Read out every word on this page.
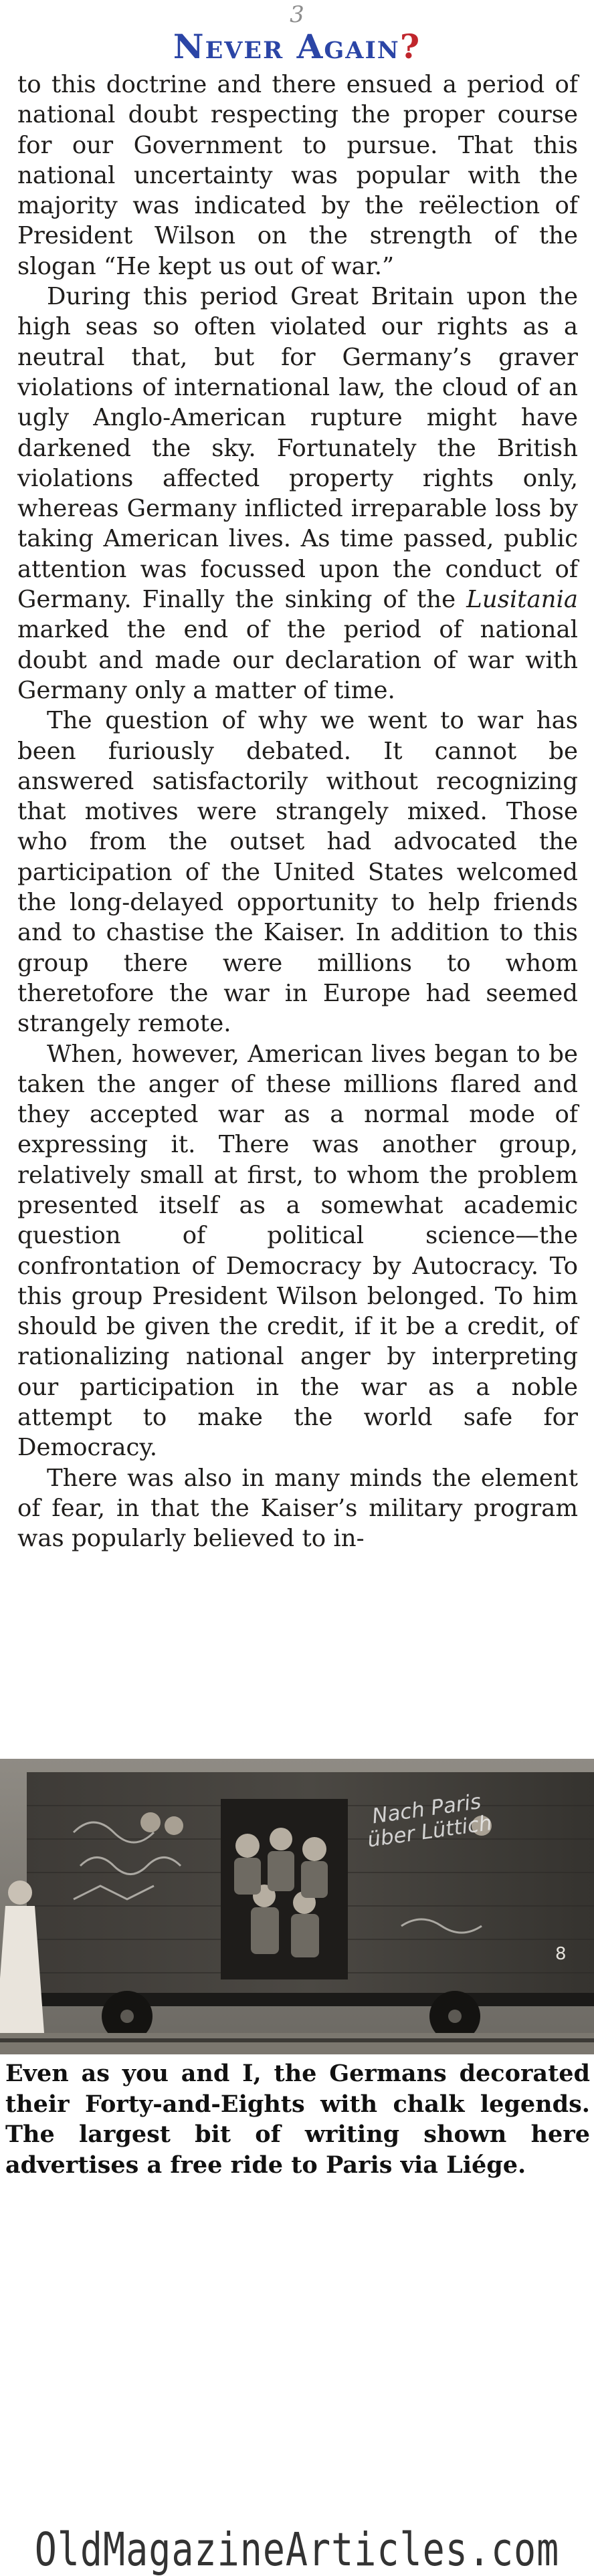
3
Never Again?

to this doctrine and there ensued a period of national doubt respecting the proper course for our Government to pursue. That this national uncertainty was popular with the majority was indicated by the reëlection of President Wilson on the strength of the slogan “He kept us out of war.”

During this period Great Britain upon the high seas so often violated our rights as a neutral that, but for Germany’s graver violations of international law, the cloud of an ugly Anglo-American rupture might have darkened the sky. Fortunately the British violations affected property rights only, whereas Germany inflicted irreparable loss by taking American lives. As time passed, public attention was focussed upon the conduct of Germany. Finally the sinking of the Lusitania marked the end of the period of national doubt and made our declaration of war with Germany only a matter of time.

The question of why we went to war has been furiously debated. It cannot be answered satisfactorily without recognizing that motives were strangely mixed. Those who from the outset had advocated the participation of the United States welcomed the long-delayed opportunity to help friends and to chastise the Kaiser. In addition to this group there were millions to whom theretofore the war in Europe had seemed strangely remote.

When, however, American lives began to be taken the anger of these millions flared and they accepted war as a normal mode of expressing it. There was another group, relatively small at first, to whom the problem presented itself as a somewhat academic question of political science—the confrontation of Democracy by Autocracy. To this group President Wilson belonged. To him should be given the credit, if it be a credit, of rationalizing national anger by interpreting our participation in the war as a noble attempt to make the world safe for Democracy.

There was also in many minds the element of fear, in that the Kaiser’s military program was popularly believed to in-

8
Nach Paris über Lüttich
Even as you and I, the Germans decorated their Forty-and-Eights with chalk legends. The largest bit of writing shown here advertises a free ride to Paris via Liége.
OldMagazineArticles.com
